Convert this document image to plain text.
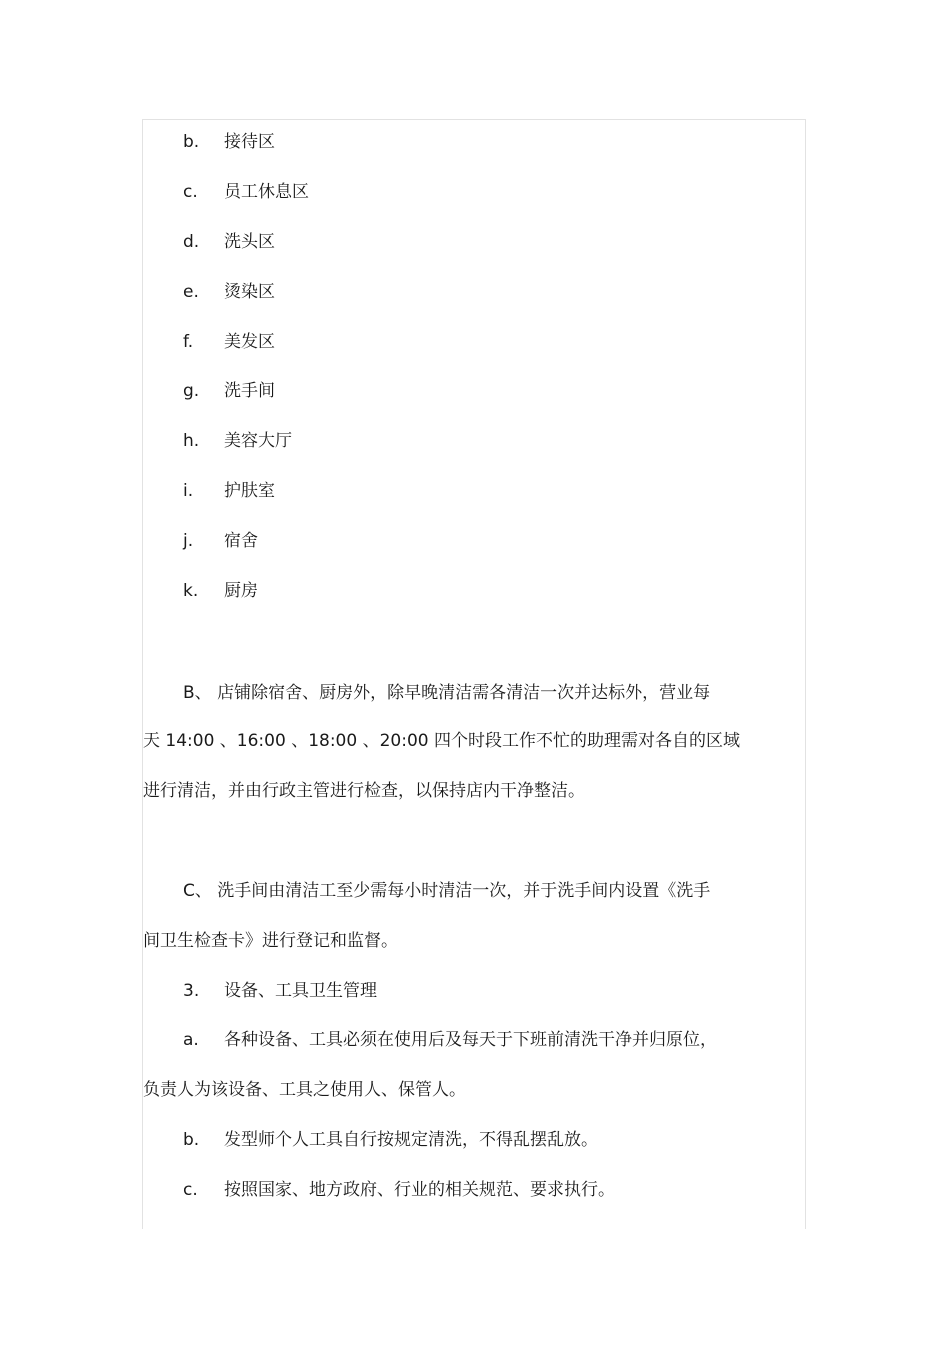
b. 接待区
c. 员工休息区
d. 洗头区
e. 烫染区
f. 美发区
g. 洗手间
h. 美容大厅
i. 护肤室
j. 宿舍
k. 厨房
B、 店铺除宿舍、厨房外，除早晚清洁需各清洁一次并达标外，营业每
天 14:00 、16:00 、18:00 、20:00 四个时段工作不忙的助理需对各自的区域
进行清洁，并由行政主管进行检查，以保持店内干净整洁。
C、 洗手间由清洁工至少需每小时清洁一次，并于洗手间内设置《洗手
间卫生检查卡》进行登记和监督。
3. 设备、工具卫生管理
a. 各种设备、工具必须在使用后及每天于下班前清洗干净并归原位，
负责人为该设备、工具之使用人、保管人。
b. 发型师个人工具自行按规定清洗，不得乱摆乱放。
c. 按照国家、地方政府、行业的相关规范、要求执行。
